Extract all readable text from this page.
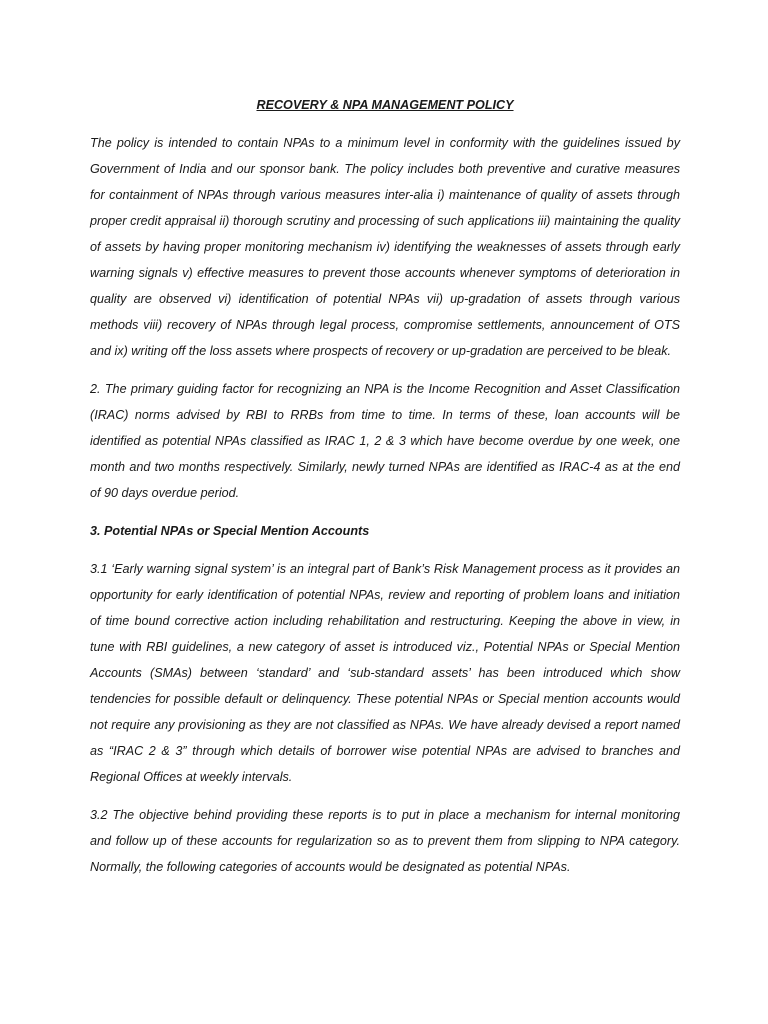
RECOVERY & NPA MANAGEMENT POLICY

The policy is intended to contain NPAs to a minimum level in conformity with the guidelines issued by Government of India and our sponsor bank. The policy includes both preventive and curative measures for containment of NPAs through various measures inter-alia i) maintenance of quality of assets through proper credit appraisal ii) thorough scrutiny and processing of such applications iii) maintaining the quality of assets by having proper monitoring mechanism iv) identifying the weaknesses of assets through early warning signals v) effective measures to prevent those accounts whenever symptoms of deterioration in quality are observed vi) identification of potential NPAs vii) up-gradation of assets through various methods viii) recovery of NPAs through legal process, compromise settlements, announcement of OTS and ix) writing off the loss assets where prospects of recovery or up-gradation are perceived to be bleak.

2. The primary guiding factor for recognizing an NPA is the Income Recognition and Asset Classification (IRAC) norms advised by RBI to RRBs from time to time. In terms of these, loan accounts will be identified as potential NPAs classified as IRAC 1, 2 & 3 which have become overdue by one week, one month and two months respectively. Similarly, newly turned NPAs are identified as IRAC-4 as at the end of 90 days overdue period.

3. Potential NPAs or Special Mention Accounts

3.1 ‘Early warning signal system’ is an integral part of Bank’s Risk Management process as it provides an opportunity for early identification of potential NPAs, review and reporting of problem loans and initiation of time bound corrective action including rehabilitation and restructuring. Keeping the above in view, in tune with RBI guidelines, a new category of asset is introduced viz., Potential NPAs or Special Mention Accounts (SMAs) between ‘standard’ and ‘sub-standard assets’ has been introduced which show tendencies for possible default or delinquency. These potential NPAs or Special mention accounts would not require any provisioning as they are not classified as NPAs. We have already devised a report named as “IRAC 2 & 3” through which details of borrower wise potential NPAs are advised to branches and Regional Offices at weekly intervals.

3.2 The objective behind providing these reports is to put in place a mechanism for internal monitoring and follow up of these accounts for regularization so as to prevent them from slipping to NPA category. Normally, the following categories of accounts would be designated as potential NPAs.
